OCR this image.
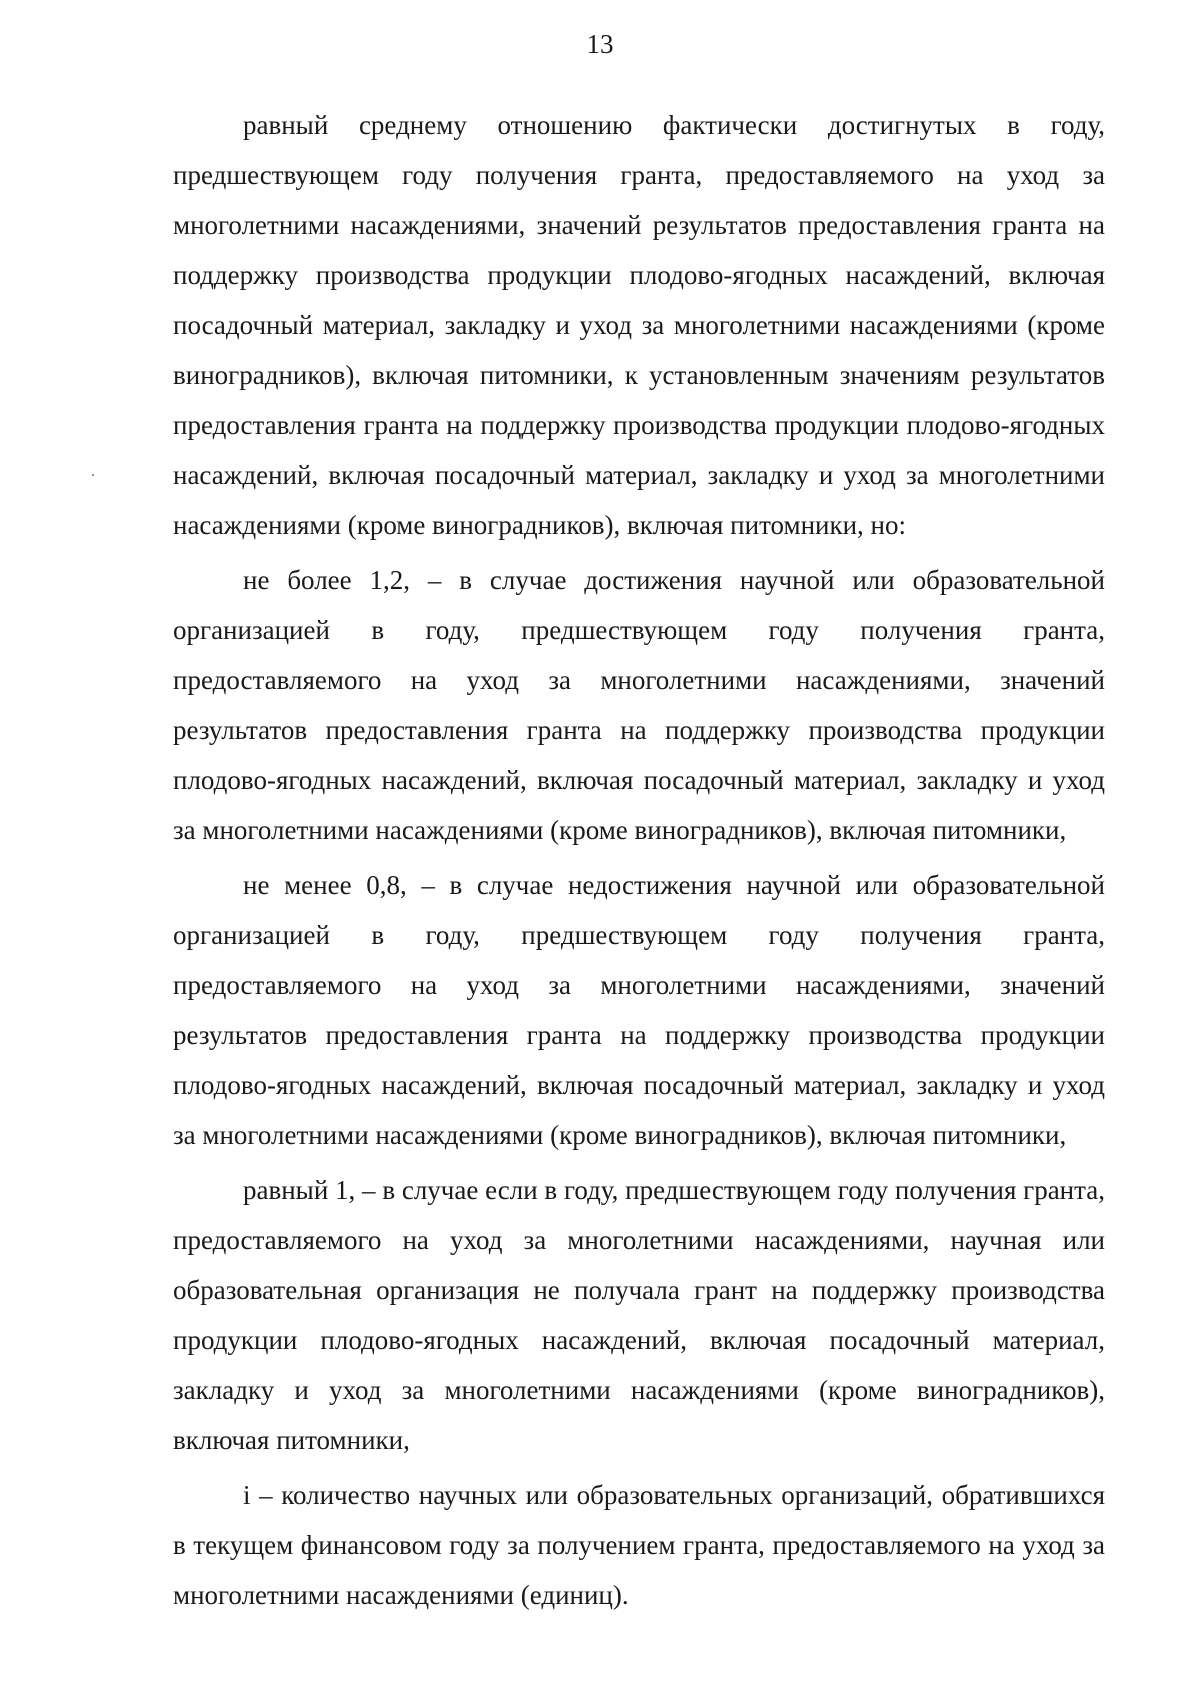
13

равный среднему отношению фактически достигнутых в году, предшествующем году получения гранта, предоставляемого на уход за многолетними насаждениями, значений результатов предоставления гранта на поддержку производства продукции плодово-ягодных насаждений, включая посадочный материал, закладку и уход за многолетними насаждениями (кроме виноградников), включая питомники, к установленным значениям результатов предоставления гранта на поддержку производства продукции плодово-ягодных насаждений, включая посадочный материал, закладку и уход за многолетними насаждениями (кроме виноградников), включая питомники, но:

не более 1,2, – в случае достижения научной или образовательной организацией в году, предшествующем году получения гранта, предоставляемого на уход за многолетними насаждениями, значений результатов предоставления гранта на поддержку производства продукции плодово-ягодных насаждений, включая посадочный материал, закладку и уход за многолетними насаждениями (кроме виноградников), включая питомники,

не менее 0,8, – в случае недостижения научной или образовательной организацией в году, предшествующем году получения гранта, предоставляемого на уход за многолетними насаждениями, значений результатов предоставления гранта на поддержку производства продукции плодово-ягодных насаждений, включая посадочный материал, закладку и уход за многолетними насаждениями (кроме виноградников), включая питомники,

равный 1, – в случае если в году, предшествующем году получения гранта, предоставляемого на уход за многолетними насаждениями, научная или образовательная организация не получала грант на поддержку производства продукции плодово-ягодных насаждений, включая посадочный материал, закладку и уход за многолетними насаждениями (кроме виноградников), включая питомники,

i – количество научных или образовательных организаций, обратившихся в текущем финансовом году за получением гранта, предоставляемого на уход за многолетними насаждениями (единиц).
